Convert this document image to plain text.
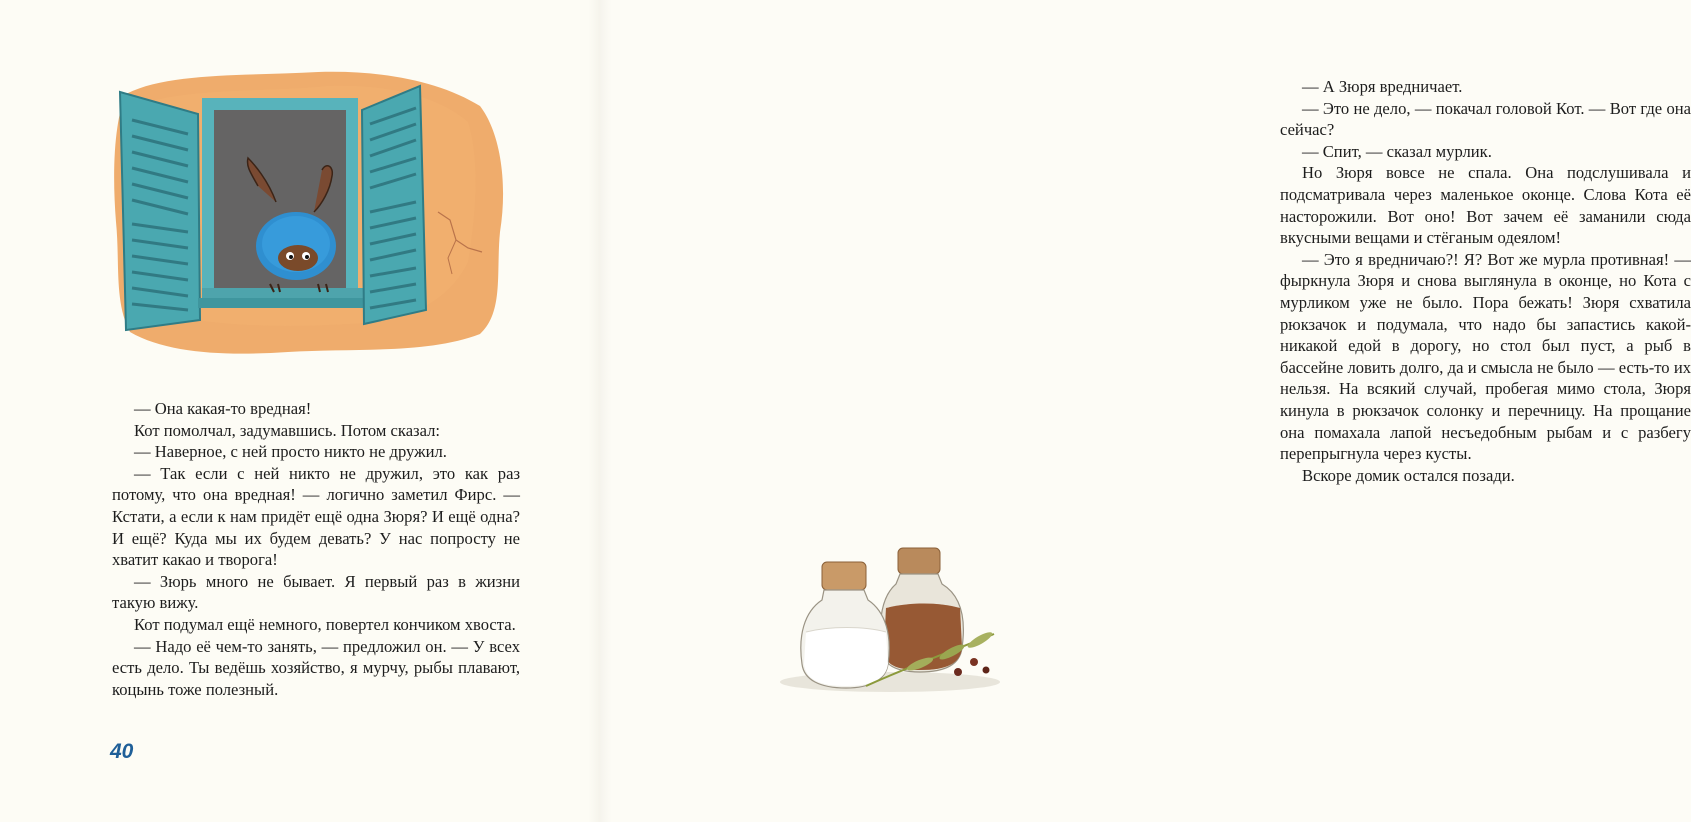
— Она какая-то вредная!

Кот помолчал, задумавшись. Потом сказал:

— Наверное, с ней просто никто не дружил.

— Так если с ней никто не дружил, это как раз потому, что она вредная! — логично заметил Фирс. — Кстати, а если к нам придёт ещё одна Зюря? И ещё одна? И ещё? Куда мы их будем девать? У нас попросту не хватит какао и творога!

— Зюрь много не бывает. Я первый раз в жизни такую вижу.

Кот подумал ещё немного, повертел кончиком хвоста.

— Надо её чем-то занять, — предложил он. — У всех есть дело. Ты ведёшь хозяйство, я мурчу, рыбы плавают, коцынь тоже полезный.

40

— А Зюря вредничает.

— Это не дело, — покачал головой Кот. — Вот где она сейчас?

— Спит, — сказал мурлик.

Но Зюря вовсе не спала. Она подслушивала и подсматривала через маленькое оконце. Слова Кота её насторожили. Вот оно! Вот зачем её заманили сюда вкусными вещами и стёганым одеялом!

— Это я вредничаю?! Я? Вот же мурла противная! — фыркнула Зюря и снова выглянула в оконце, но Кота с мурликом уже не было. Пора бежать! Зюря схватила рюкзачок и подумала, что надо бы запастись какой-никакой едой в дорогу, но стол был пуст, а рыб в бассейне ловить долго, да и смысла не было — есть-то их нельзя. На всякий случай, пробегая мимо стола, Зюря кинула в рюкзачок солонку и перечницу. На прощание она помахала лапой несъедобным рыбам и с разбегу перепрыгнула через кусты.

Вскоре домик остался позади.
